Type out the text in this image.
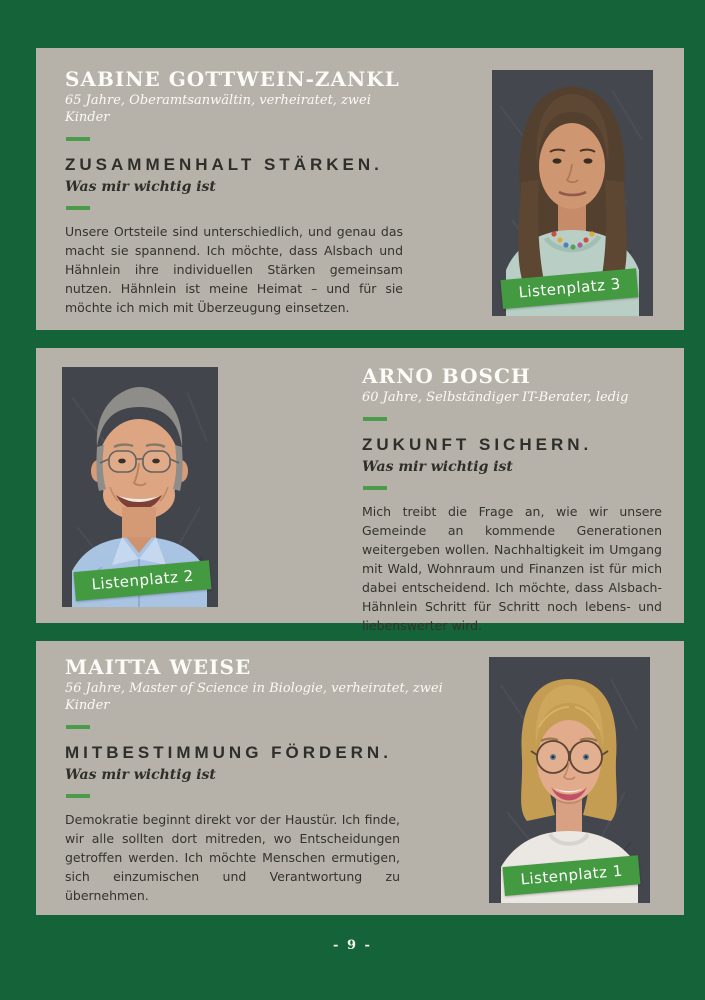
SABINE GOTTWEIN-ZANKL

65 Jahre, Oberamtsanwältin, verheiratet, zwei Kinder

ZUSAMMENHALT STÄRKEN.

Was mir wichtig ist

Unsere Ortsteile sind unterschiedlich, und genau das macht sie spannend. Ich möchte, dass Alsbach und Hähnlein ihre individuellen Stärken gemeinsam nutzen. Hähnlein ist meine Heimat – und für sie möchte ich mich mit Überzeugung einsetzen.

Listenplatz 3
Listenplatz 2
ARNO BOSCH

60 Jahre, Selbständiger IT-Berater, ledig

ZUKUNFT SICHERN.

Was mir wichtig ist

Mich treibt die Frage an, wie wir unsere Gemeinde an kommende Generationen weitergeben wollen. Nachhaltigkeit im Umgang mit Wald, Wohnraum und Finanzen ist für mich dabei entscheidend. Ich möchte, dass Alsbach-Hähnlein Schritt für Schritt noch lebens- und liebenswerter wird.

MAITTA WEISE

56 Jahre, Master of Science in Biologie, verheiratet, zwei Kinder

MITBESTIMMUNG FÖRDERN.

Was mir wichtig ist

Demokratie beginnt direkt vor der Haustür. Ich finde, wir alle sollten dort mitreden, wo Entscheidungen getroffen werden. Ich möchte Menschen ermutigen, sich einzumischen und Verantwortung zu übernehmen.

Listenplatz 1
- 9 -
